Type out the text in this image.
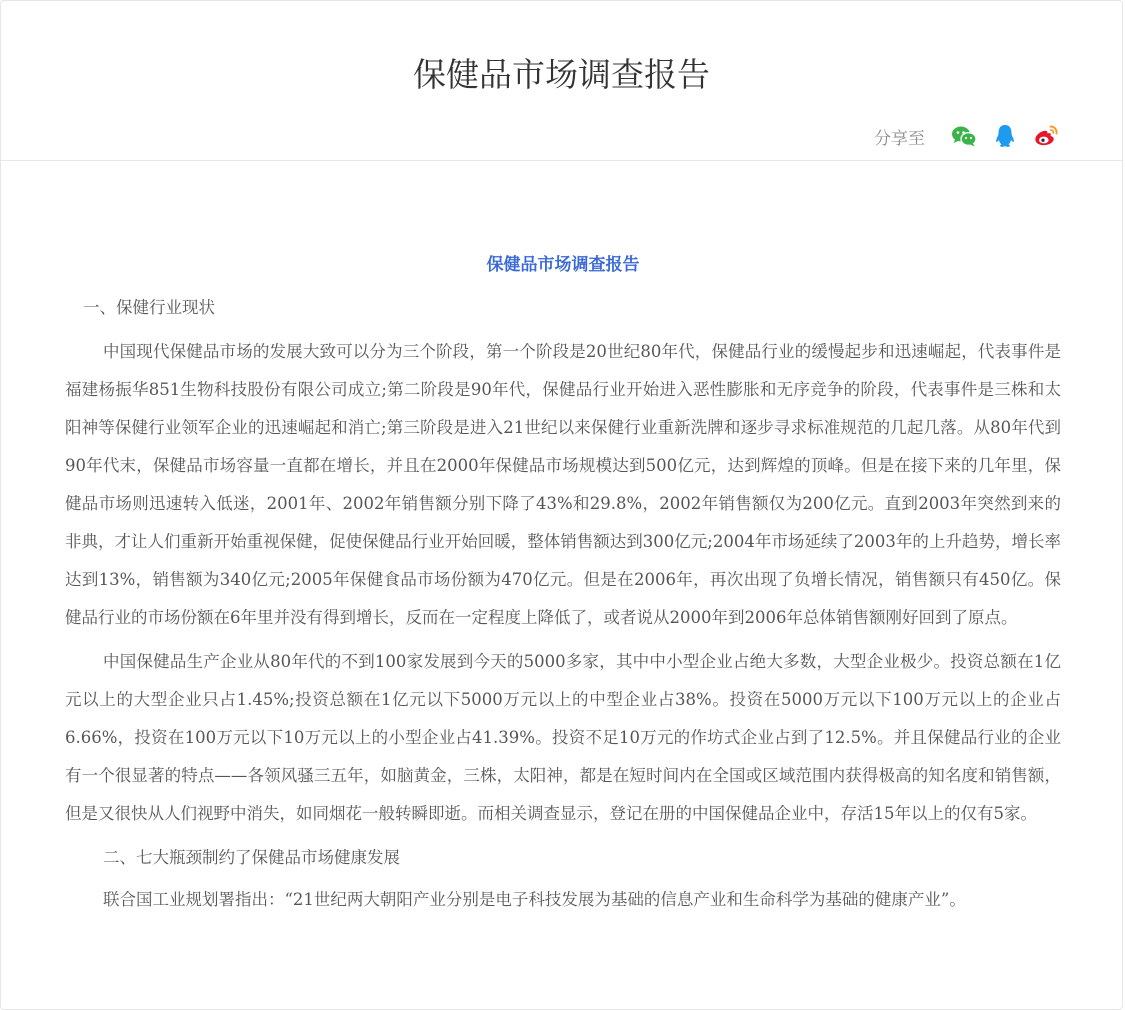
保健品市场调查报告
分享至

保健品市场调查报告

一、保健行业现状

中国现代保健品市场的发展大致可以分为三个阶段，第一个阶段是20世纪80年代，保健品行业的缓慢起步和迅速崛起，代表事件是福建杨振华851生物科技股份有限公司成立;第二阶段是90年代，保健品行业开始进入恶性膨胀和无序竞争的阶段，代表事件是三株和太阳神等保健行业领军企业的迅速崛起和消亡;第三阶段是进入21世纪以来保健行业重新洗牌和逐步寻求标准规范的几起几落。从80年代到90年代末，保健品市场容量一直都在增长，并且在2000年保健品市场规模达到500亿元，达到辉煌的顶峰。但是在接下来的几年里，保健品市场则迅速转入低迷，2001年、2002年销售额分别下降了43%和29.8%，2002年销售额仅为200亿元。直到2003年突然到来的非典，才让人们重新开始重视保健，促使保健品行业开始回暖，整体销售额达到300亿元;2004年市场延续了2003年的上升趋势，增长率达到13%，销售额为340亿元;2005年保健食品市场份额为470亿元。但是在2006年，再次出现了负增长情况，销售额只有450亿。保健品行业的市场份额在6年里并没有得到增长，反而在一定程度上降低了，或者说从2000年到2006年总体销售额刚好回到了原点。

中国保健品生产企业从80年代的不到100家发展到今天的5000多家，其中中小型企业占绝大多数，大型企业极少。投资总额在1亿元以上的大型企业只占1.45%;投资总额在1亿元以下5000万元以上的中型企业占38%。投资在5000万元以下100万元以上的企业占6.66%，投资在100万元以下10万元以上的小型企业占41.39%。投资不足10万元的作坊式企业占到了12.5%。并且保健品行业的企业有一个很显著的特点——各领风骚三五年，如脑黄金，三株，太阳神，都是在短时间内在全国或区域范围内获得极高的知名度和销售额，但是又很快从人们视野中消失，如同烟花一般转瞬即逝。而相关调查显示，登记在册的中国保健品企业中，存活15年以上的仅有5家。

二、七大瓶颈制约了保健品市场健康发展

联合国工业规划署指出：“21世纪两大朝阳产业分别是电子科技发展为基础的信息产业和生命科学为基础的健康产业”。
